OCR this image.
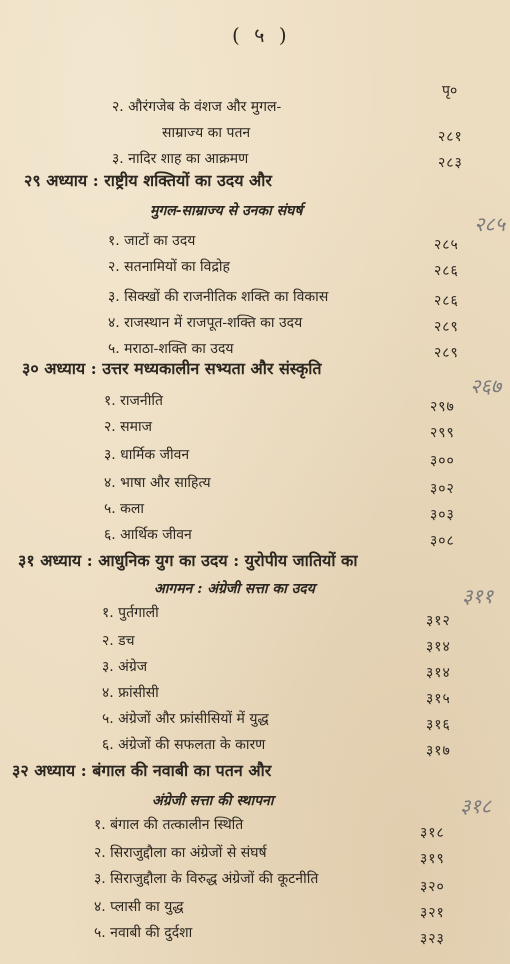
( ५ )
पृ०
२. औरंगजेब के वंशज और मुगल-
साम्राज्य का पतन	२८१
३. नादिर शाह का आक्रमण	२८३
२९ अध्याय : राष्ट्रीय शक्तियों का उदय और
मुगल-साम्राज्य से उनका संघर्ष
२८५
१. जाटों का उदय	२८५
२. सतनामियों का विद्रोह	२८६
३. सिक्खों की राजनीतिक शक्ति का विकास	२८६
४. राजस्थान में राजपूत-शक्ति का उदय	२८९
५. मराठा-शक्ति का उदय	२८९
३० अध्याय : उत्तर मध्यकालीन सभ्यता और संस्कृति
२६७
१. राजनीति	२९७
२. समाज	२९९
३. धार्मिक जीवन	३००
४. भाषा और साहित्य	३०२
५. कला	३०३
६. आर्थिक जीवन	३०८
३१ अध्याय : आधुनिक युग का उदय : युरोपीय जातियों का
आगमन : अंग्रेजी सत्ता का उदय	३११
१. पुर्तगाली	३१२
२. डच	३१४
३. अंग्रेज	३१४
४. फ्रांसीसी	३१५
५. अंग्रेजों और फ्रांसीसियों में युद्ध	३१६
६. अंग्रेजों की सफलता के कारण	३१७
३२ अध्याय : बंगाल की नवाबी का पतन और
अंग्रेजी सत्ता की स्थापना	३१८
१. बंगाल की तत्कालीन स्थिति	३१८
२. सिराजुद्दौला का अंग्रेजों से संघर्ष	३१९
३. सिराजुद्दौला के विरुद्ध अंग्रेजों की कूटनीति	३२०
४. प्लासी का युद्ध	३२१
५. नवाबी की दुर्दशा	३२३
